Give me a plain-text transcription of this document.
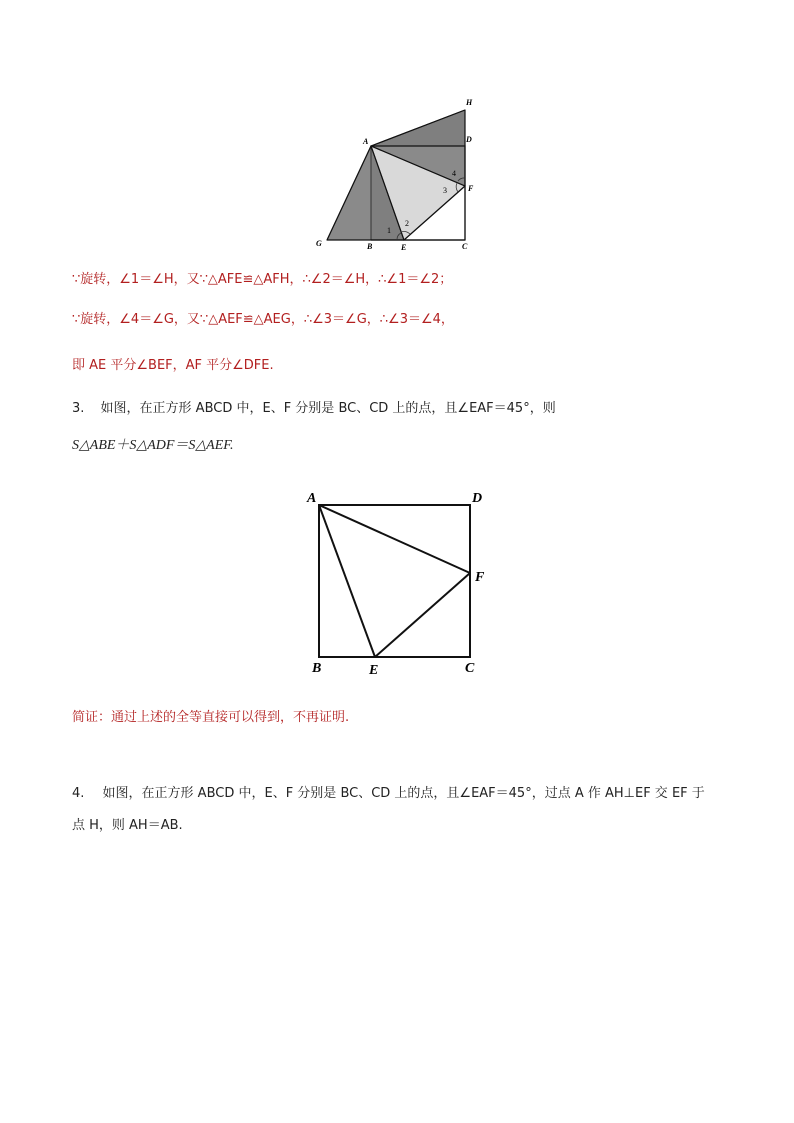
A
H
D
F
G	B	E	C
1
2
3
4
∵旋转，∠1＝∠H，又∵△AFE≌△AFH，∴∠2＝∠H，∴∠1＝∠2；
∵旋转，∠4＝∠G，又∵△AEF≌△AEG，∴∠3＝∠G，∴∠3＝∠4，
即 AE 平分∠BEF，AF 平分∠DFE.
3. 如图，在正方形 ABCD 中，E、F 分别是 BC、CD 上的点，且∠EAF＝45°，则
S△ABE＋S△ADF＝S△AEF.
A	D
F
B	E	C
简证：通过上述的全等直接可以得到，不再证明.
4. 如图，在正方形 ABCD 中，E、F 分别是 BC、CD 上的点，且∠EAF＝45°，过点 A 作 AH⊥EF 交 EF 于
点 H，则 AH＝AB.
